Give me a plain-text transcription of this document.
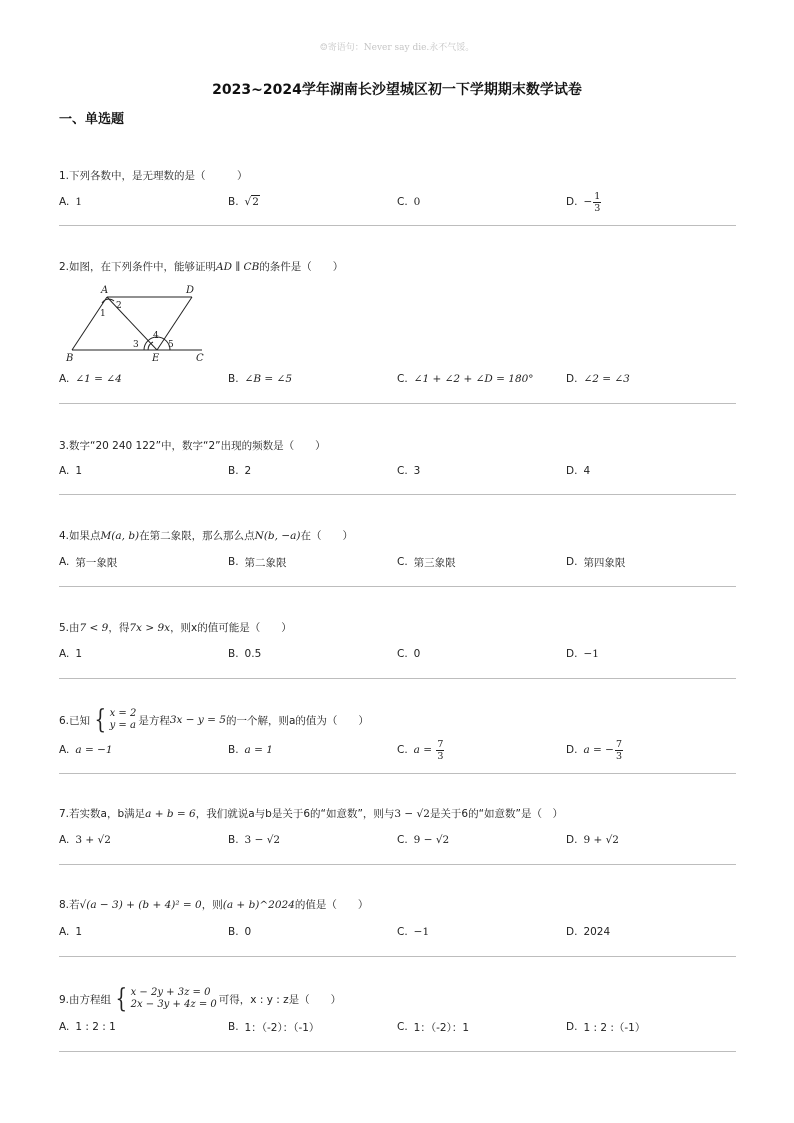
☺寄语句：Never say die.永不气馁。
2023~2024学年湖南长沙望城区初一下学期期末数学试卷
一、单选题
1.下列各数中，是无理数的是（　　　）
A. 1	B. √2	C. 0	D. − $\frac{1}{3}$
2.如图，在下列条件中，能够证明 AD ∥ CB 的条件是（　　）
A	D
B	E	C
1
2
3
4
5
A. ∠1 = ∠4	B. ∠B = ∠5	C. ∠1 + ∠2 + ∠D = 180°	D. ∠2 = ∠3
3.数字“20 240 122”中，数字“2”出现的频数是（　　）
A. 1	B. 2	C. 3	D. 4
4.如果点 M(a, b) 在第二象限，那么那么点 N(b, −a) 在（　　）
A. 第一象限	B. 第二象限	C. 第三象限	D. 第四象限
5.由 7 < 9 ，得 7x > 9x ，则x的值可能是（　　）
A. 1	B. 0.5	C. 0	D. −1
6.已知 { x = 2
y = a 是方程 3x − y = 5 的一个解，则a的值为（　　）
A. a = −1	B. a = 1	C. $a = \frac{7}{3}$	D. a = − $\frac{7}{3}$
7.若实数a，b满足 a + b = 6 ，我们就说a与b是关于6的“如意数”，则与 3 − √2 是关于6的“如意数”是（　）
A. 3 + √2	B. 3 − √2	C. 9 − √2	D. 9 + √2
8.若 √(a − 3) + (b + 4)² = 0 ，则 (a + b)^2024 的值是（　　）
A. 1	B. 0	C. −1	D. 2024
9.由方程组 { x − 2y + 3z = 0
2x − 3y + 4z = 0 可得，x : y : z是（　　）
A. 1 : 2 : 1	B. 1：（-2）：（-1）	C. 1：（-2）：1	D. 1 : 2 :（-1）
